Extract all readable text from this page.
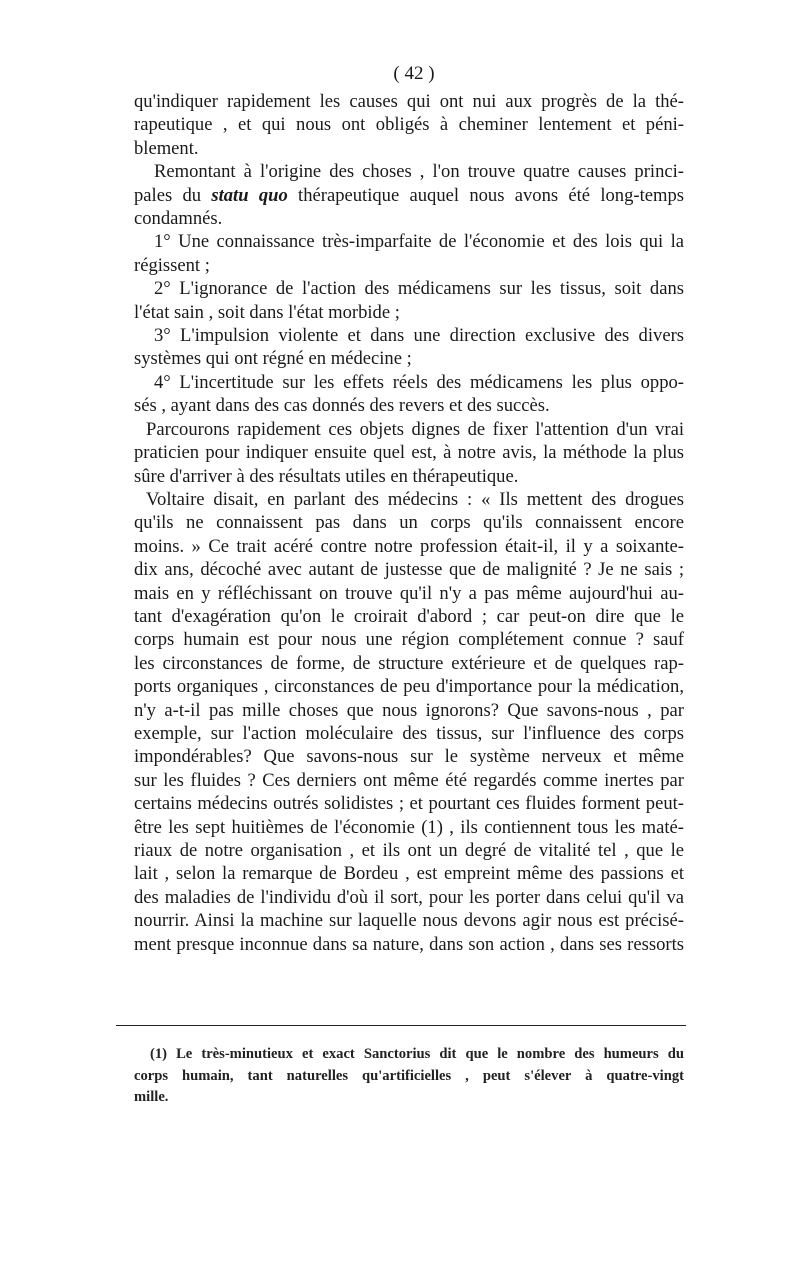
( 42 )

qu'indiquer rapidement les causes qui ont nui aux progrès de la thé-
rapeutique , et qui nous ont obligés à cheminer lentement et péni-
blement.

Remontant à l'origine des choses , l'on trouve quatre causes princi-
pales du statu quo thérapeutique auquel nous avons été long-temps
condamnés.

1° Une connaissance très-imparfaite de l'économie et des lois qui la
régissent ;

2° L'ignorance de l'action des médicamens sur les tissus, soit dans
l'état sain , soit dans l'état morbide ;

3° L'impulsion violente et dans une direction exclusive des divers
systèmes qui ont régné en médecine ;

4° L'incertitude sur les effets réels des médicamens les plus oppo-
sés , ayant dans des cas donnés des revers et des succès.

Parcourons rapidement ces objets dignes de fixer l'attention d'un vrai
praticien pour indiquer ensuite quel est, à notre avis, la méthode la plus
sûre d'arriver à des résultats utiles en thérapeutique.

Voltaire disait, en parlant des médecins : « Ils mettent des drogues
qu'ils ne connaissent pas dans un corps qu'ils connaissent encore
moins. » Ce trait acéré contre notre profession était-il, il y a soixante-
dix ans, décoché avec autant de justesse que de malignité ? Je ne sais ;
mais en y réfléchissant on trouve qu'il n'y a pas même aujourd'hui au-
tant d'exagération qu'on le croirait d'abord ; car peut-on dire que le
corps humain est pour nous une région complétement connue ? sauf
les circonstances de forme, de structure extérieure et de quelques rap-
ports organiques , circonstances de peu d'importance pour la médication,
n'y a-t-il pas mille choses que nous ignorons? Que savons-nous , par
exemple, sur l'action moléculaire des tissus, sur l'influence des corps
impondérables? Que savons-nous sur le système nerveux et même
sur les fluides ? Ces derniers ont même été regardés comme inertes par
certains médecins outrés solidistes ; et pourtant ces fluides forment peut-
être les sept huitièmes de l'économie (1) , ils contiennent tous les maté-
riaux de notre organisation , et ils ont un degré de vitalité tel , que le
lait , selon la remarque de Bordeu , est empreint même des passions et
des maladies de l'individu d'où il sort, pour les porter dans celui qu'il va
nourrir. Ainsi la machine sur laquelle nous devons agir nous est précisé-
ment presque inconnue dans sa nature, dans son action , dans ses ressorts

(1) Le très-minutieux et exact Sanctorius dit que le nombre des humeurs du
corps humain, tant naturelles qu'artificielles , peut s'élever à quatre-vingt
mille.
